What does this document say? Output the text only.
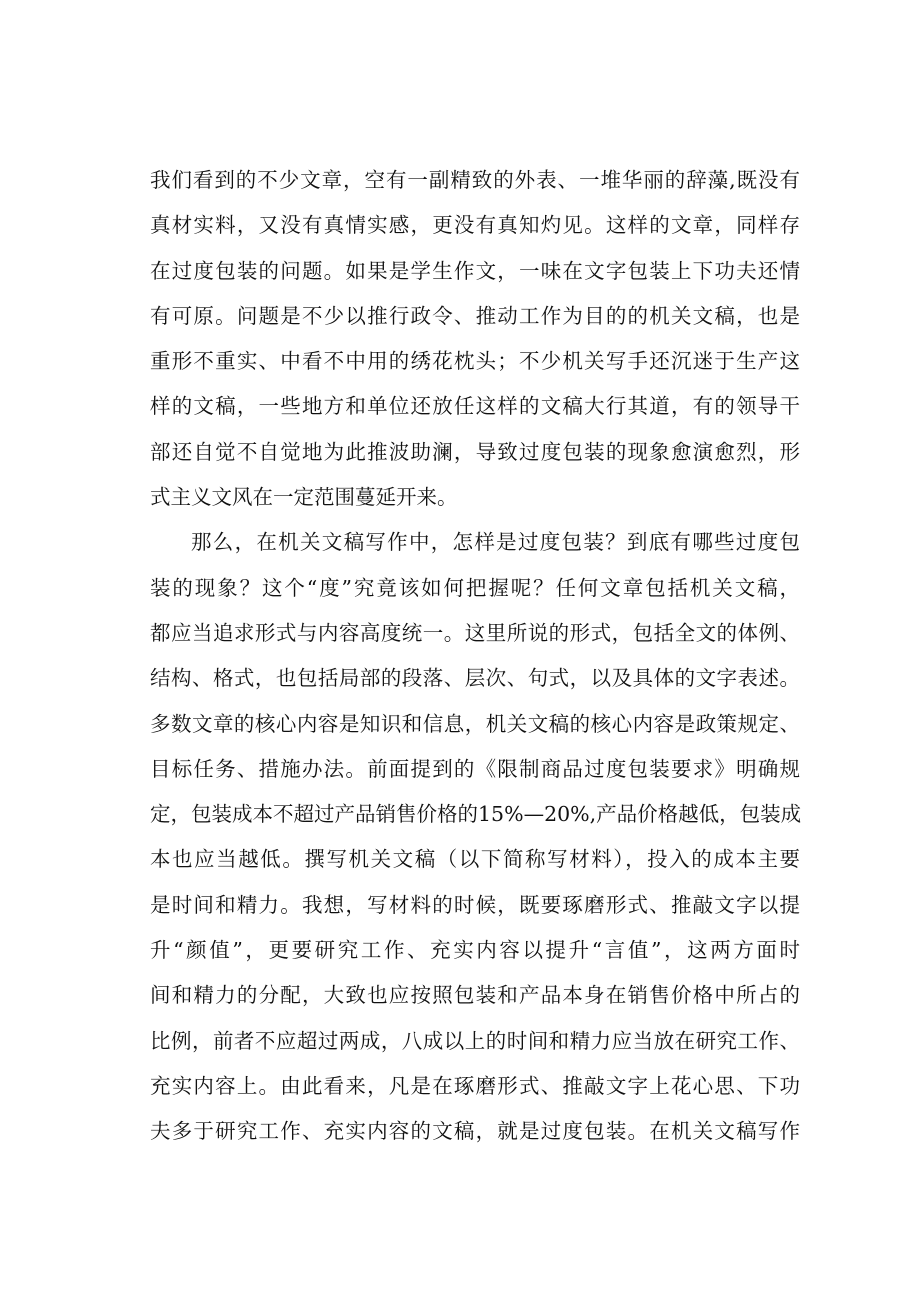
我们看到的不少文章，空有一副精致的外表、一堆华丽的辞藻,既没有
真材实料，又没有真情实感，更没有真知灼见。这样的文章，同样存
在过度包装的问题。如果是学生作文，一味在文字包装上下功夫还情
有可原。问题是不少以推行政令、推动工作为目的的机关文稿，也是
重形不重实、中看不中用的绣花枕头；不少机关写手还沉迷于生产这
样的文稿，一些地方和单位还放任这样的文稿大行其道，有的领导干
部还自觉不自觉地为此推波助澜，导致过度包装的现象愈演愈烈，形
式主义文风在一定范围蔓延开来。
那么，在机关文稿写作中，怎样是过度包装？到底有哪些过度包
装的现象？这个“度”究竟该如何把握呢？任何文章包括机关文稿，
都应当追求形式与内容高度统一。这里所说的形式，包括全文的体例、
结构、格式，也包括局部的段落、层次、句式，以及具体的文字表述。
多数文章的核心内容是知识和信息，机关文稿的核心内容是政策规定、
目标任务、措施办法。前面提到的《限制商品过度包装要求》明确规
定，包装成本不超过产品销售价格的15%—20%,产品价格越低，包装成
本也应当越低。撰写机关文稿（以下简称写材料），投入的成本主要
是时间和精力。我想，写材料的时候，既要琢磨形式、推敲文字以提
升“颜值”，更要研究工作、充实内容以提升“言值”，这两方面时
间和精力的分配，大致也应按照包装和产品本身在销售价格中所占的
比例，前者不应超过两成，八成以上的时间和精力应当放在研究工作、
充实内容上。由此看来，凡是在琢磨形式、推敲文字上花心思、下功
夫多于研究工作、充实内容的文稿，就是过度包装。在机关文稿写作
